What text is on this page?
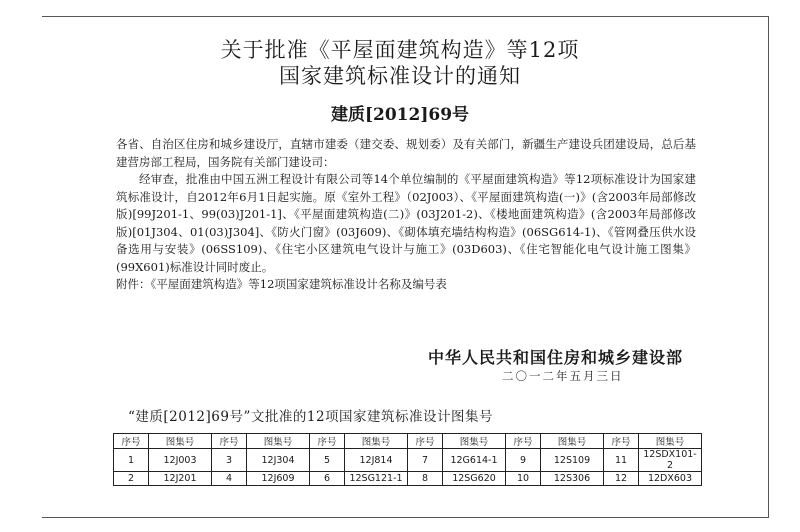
关于批准《平屋面建筑构造》等12项
国家建筑标准设计的通知
建质[2012]69号

各省、自治区住房和城乡建设厅，直辖市建委（建交委、规划委）及有关部门，新疆生产建设兵团建设局，总后基建营房部工程局，国务院有关部门建设司：

经审查，批准由中国五洲工程设计有限公司等14个单位编制的《平屋面建筑构造》等12项标准设计为国家建筑标准设计，自2012年6月1日起实施。原《室外工程》（02J003）、《平屋面建筑构造(一)》(含2003年局部修改版)[99J201-1、99(03)J201-1]、《平屋面建筑构造(二)》(03J201-2)、《楼地面建筑构造》(含2003年局部修改版)[01J304、01(03)J304]、《防火门窗》(03J609)、《砌体填充墙结构构造》(06SG614-1)、《管网叠压供水设备选用与安装》(06SS109)、《住宅小区建筑电气设计与施工》(03D603)、《住宅智能化电气设计施工图集》(99X601)标准设计同时废止。

附件：《平屋面建筑构造》等12项国家建筑标准设计名称及编号表

中华人民共和国住房和城乡建设部
二〇一二年五月三日
“建质[2012]69号”文批准的12项国家建筑标准设计图集号
序号	图集号	序号	图集号	序号	图集号	序号	图集号	序号	图集号	序号	图集号
1	12J003	3	12J304	5	12J814	7	12G614-1	9	12S109	11	12SDX101-2
2	12J201	4	12J609	6	12SG121-1	8	12SG620	10	12S306	12	12DX603
